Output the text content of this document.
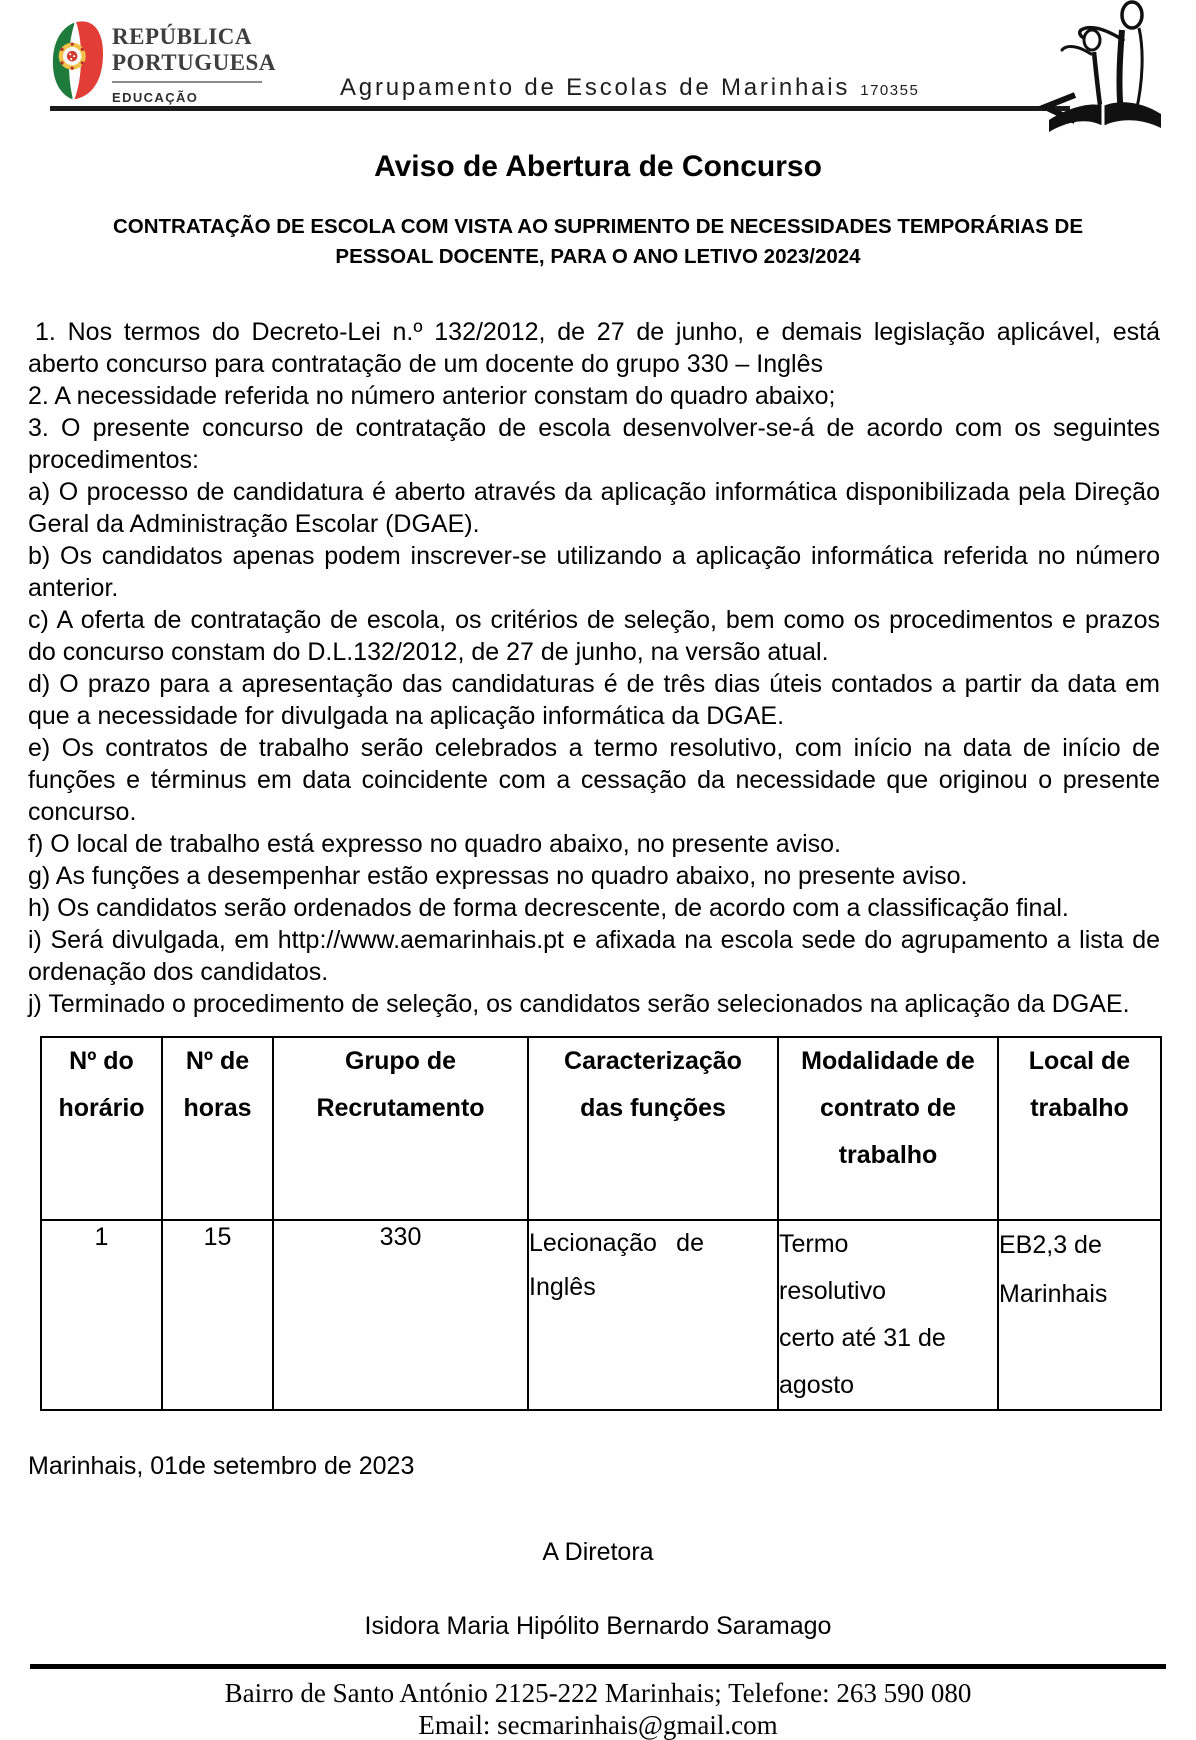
REPÚBLICA
PORTUGUESA
EDUCAÇÃO	Agrupamento de Escolas de Marinhais 170355
Aviso de Abertura de Concurso
CONTRATAÇÃO DE ESCOLA COM VISTA AO SUPRIMENTO DE NECESSIDADES TEMPORÁRIAS DE PESSOAL DOCENTE, PARA O ANO LETIVO 2023/2024

1. Nos termos do Decreto-Lei n.º 132/2012, de 27 de junho, e demais legislação aplicável, está aberto concurso para contratação de um docente do grupo 330 – Inglês

2. A necessidade referida no número anterior constam do quadro abaixo;

3. O presente concurso de contratação de escola desenvolver-se-á de acordo com os seguintes procedimentos:

a) O processo de candidatura é aberto através da aplicação informática disponibilizada pela Direção Geral da Administração Escolar (DGAE).

b) Os candidatos apenas podem inscrever-se utilizando a aplicação informática referida no número anterior.

c) A oferta de contratação de escola, os critérios de seleção, bem como os procedimentos e prazos do concurso constam do D.L.132/2012, de 27 de junho, na versão atual.

d) O prazo para a apresentação das candidaturas é de três dias úteis contados a partir da data em que a necessidade for divulgada na aplicação informática da DGAE.

e) Os contratos de trabalho serão celebrados a termo resolutivo, com início na data de início de funções e términus em data coincidente com a cessação da necessidade que originou o presente concurso.

f) O local de trabalho está expresso no quadro abaixo, no presente aviso.

g) As funções a desempenhar estão expressas no quadro abaixo, no presente aviso.

h) Os candidatos serão ordenados de forma decrescente, de acordo com a classificação final.

i) Será divulgada, em http://www.aemarinhais.pt e afixada na escola sede do agrupamento a lista de ordenação dos candidatos.

j) Terminado o procedimento de seleção, os candidatos serão selecionados na aplicação da DGAE.

Nº do horário	Nº de horas	Grupo de Recrutamento	Caracterização das funções	Modalidade de contrato de trabalho	Local de trabalho
1	15	330	Lecionação de Inglês	Termo resolutivo certo até 31 de agosto	EB2,3 de Marinhais
Marinhais, 01de setembro de 2023
A Diretora
Isidora Maria Hipólito Bernardo Saramago
Bairro de Santo António 2125-222 Marinhais; Telefone: 263 590 080
Email: secmarinhais@gmail.com
